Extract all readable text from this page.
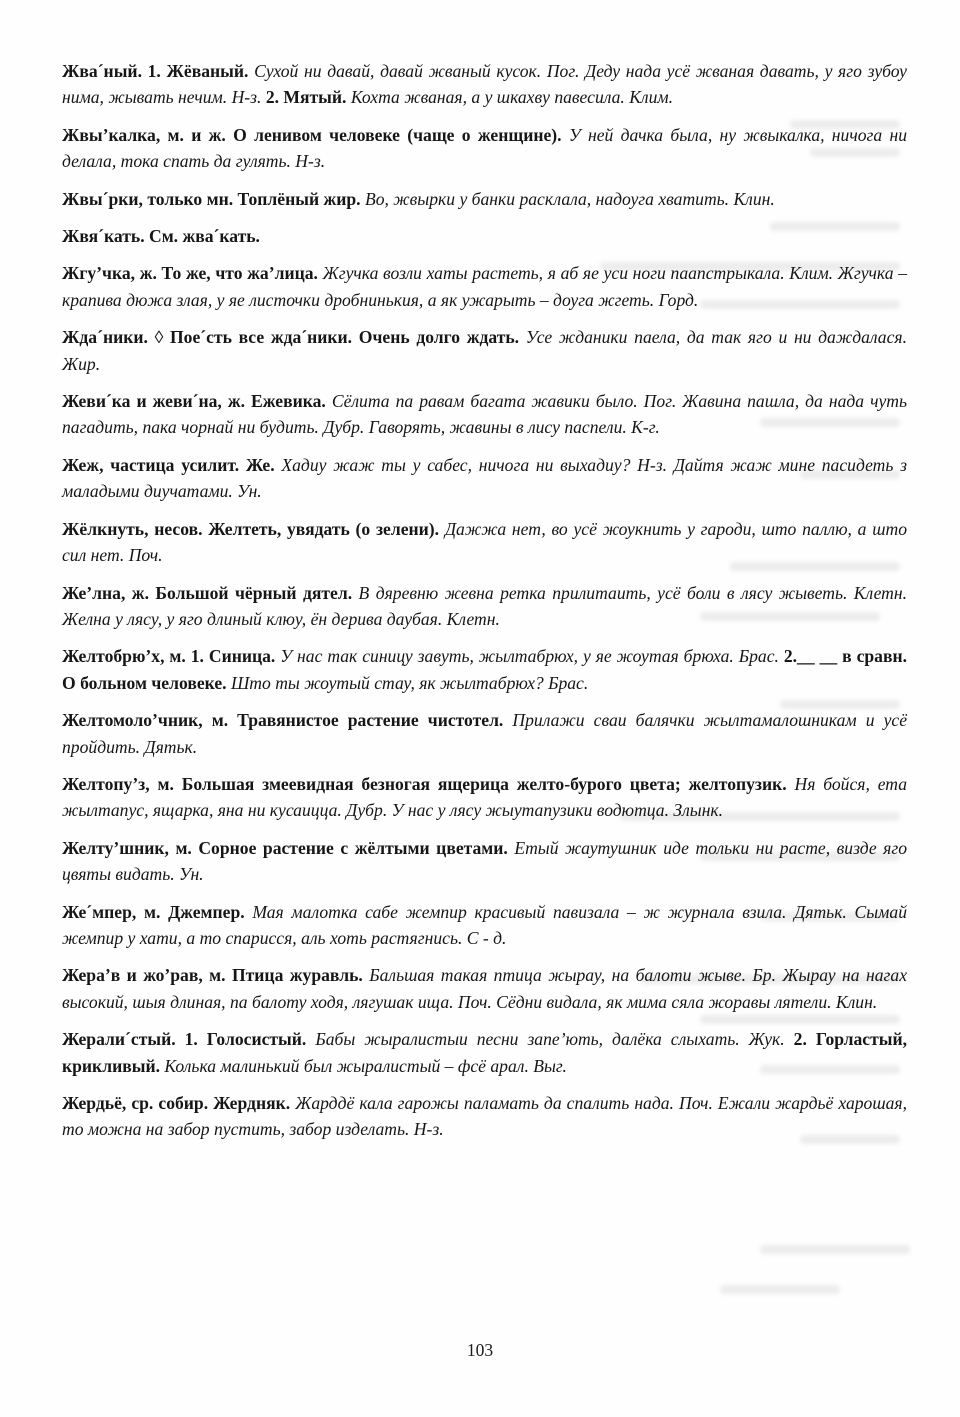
Жва´ный. 1. Жёваный. Сухой ни давай, давай жваный кусок. Пог. Деду нада усё жваная давать, у яго зубоу нима, жывать нечим. Н-з. 2. Мятый. Кохта жваная, а у шкахву павесила. Клим.

Жвы’калка, м. и ж. О ленивом человеке (чаще о женщине). У ней дачка была, ну жвыкалка, ничога ни делала, тока спать да гулять. Н-з.

Жвы´рки, только мн. Топлёный жир. Во, жвырки у банки расклала, надоуга хватить. Клин.

Жвя´кать. См. жва´кать.

Жгу’чка, ж. То же, что жа’лица. Жгучка возли хаты растеть, я аб яе уси ноги паапстрыкала. Клим. Жгучка – крапива дюжа злая, у яе листочки дробнинькия, а як ужарыть – доуга жгеть. Горд.

Жда´ники. ◊ Пое´сть все жда´ники. Очень долго ждать. Усе жданики паела, да так яго и ни даждалася. Жир.

Жеви´ка и жеви´на, ж. Ежевика. Сёлита па равам багата жавики было. Пог. Жавина пашла, да нада чуть пагадить, пака чорнай ни будить. Дубр. Гаворять, жавины в лису паспели. К-г.

Жеж, частица усилит. Же. Хадиу жаж ты у сабес, ничога ни выхадиу? Н-з. Дайтя жаж мине пасидеть з маладыми диучатами. Ун.

Жёлкнуть, несов. Желтеть, увядать (о зелени). Дажжа нет, во усё жоукнить у гароди, што паллю, а што сил нет. Поч.

Же’лна, ж. Большой чёрный дятел. В дяревню жевна ретка прилитаить, усё боли в лясу жыветь. Клетн. Желна у лясу, у яго длиный клюу, ён дерива даубая. Клетн.

Желтобрю’х, м. 1. Синица. У нас так синицу завуть, жылтабрюх, у яе жоутая брюха. Брас. 2.__ __ в сравн. О больном человеке. Што ты жоутый стау, як жылтабрюх? Брас.

Желтомоло’чник, м. Травянистое растение чистотел. Прилажи сваи балячки жылтамалошникам и усё пройдить. Дятьк.

Желтопу’з, м. Большая змеевидная безногая ящерица желто-бурого цвета; желтопузик. Ня бойся, ета жылтапус, ящарка, яна ни кусаицца. Дубр. У нас у лясу жыутапузики водютца. Злынк.

Желту’шник, м. Сорное растение с жёлтыми цветами. Етый жаутушник иде тольки ни расте, визде яго цвяты видать. Ун.

Же´мпер, м. Джемпер. Мая малотка сабе жемпир красивый павизала – ж журнала взила. Дятьк. Сымай жемпир у хати, а то спарисся, аль хоть растягнись. С - д.

Жера’в и жо’рав, м. Птица журавль. Бальшая такая птица жырау, на балоти жыве. Бр. Жырау на нагах высокий, шыя длиная, па балоту ходя, лягушак ища. Поч. Сёдни видала, як мима сяла жоравы лятели. Клин.

Жерали´стый. 1. Голосистый. Бабы жыралистыи песни запе’ють, далёка слыхать. Жук. 2. Горластый, крикливый. Колька малинький был жыралистый – фсё арал. Выг.

Жердьё, ср. собир. Жердняк. Жарддё кала гарожы паламать да спалить нада. Поч. Ежали жардьё харошая, то можна на забор пустить, забор изделать. Н-з.

103
